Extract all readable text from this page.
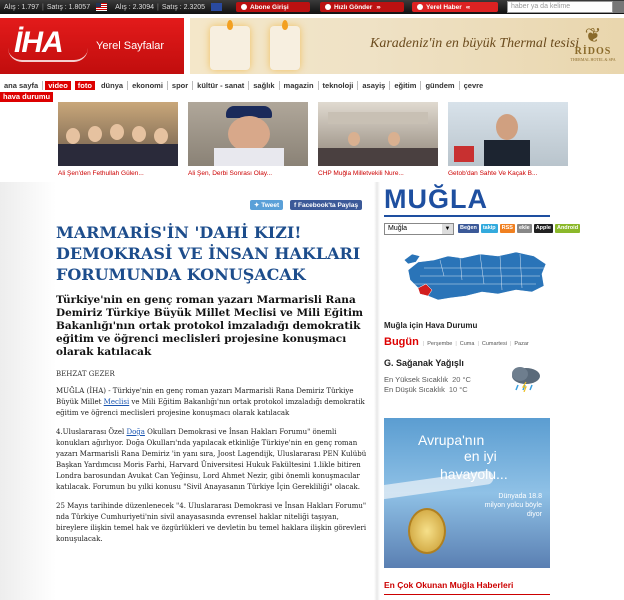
Alış : 1.797 | Satış : 1.8057	Alış : 2.3094 | Satış : 2.3205	Abone Girişi	Hızlı Gönder ›››	Yerel Haber ‹‹‹	haber ya da kelime
İHA	Yerel Sayfalar	Karadeniz'in en büyük Thermal tesisi ❦
RİDOS
THERMAL HOTEL & SPA
ana sayfa	video	foto	dünya	ekonomi	spor	kültür - sanat	sağlık	magazin	teknoloji	asayiş	eğitim	gündem	çevre
hava durumu
Ali Şen'den Fethullah Gülen...	Ali Şen, Derbi Sonrası Olay...	CHP Muğla Milletvekili Nure...	Getob'dan Sahte Ve Kaçak B...
✦
Tweet f
Facebook'ta Paylaş
MARMARİS'İN 'DAHİ KIZI! DEMOKRASİ VE İNSAN HAKLARI FORUMUNDA KONUŞACAK
Türkiye'nin en genç roman yazarı Marmarisli Rana Demiriz Türkiye Büyük Millet Meclisi ve Mili Eğitim Bakanlığı'nın ortak protokol imzaladığı demokratik eğitim ve öğrenci meclisleri projesine konuşmacı olarak katılacak
BEHZAT GEZER

MUĞLA (İHA) - Türkiye'nin en genç roman yazarı Marmarisli Rana Demiriz Türkiye Büyük Millet Meclisi ve Mili Eğitim Bakanlığı'nın ortak protokol imzaladığı demokratik eğitim ve öğrenci meclisleri projesine konuşmacı olarak katılacak

4.Uluslararası Özel Doğa Okulları Demokrasi ve İnsan Hakları Forumu" önemli konukları ağırlıyor. Doğa Okulları'nda yapılacak etkinliğe Türkiye'nin en genç roman yazarı Marmarisli Rana Demiriz 'in yanı sıra, Joost Lagendijk, Uluslararası PEN Kulübü Başkan Yardımcısı Moris Farhi, Harvard Üniversitesi Hukuk Fakültesini 1.likle bitiren Londra barosundan Avukat Can Yeğinsu, Lord Ahmet Nezir, gibi önemli konuşmacılar katılacak. Forumun bu yılki konusu "Sivil Anayasanın Türkiye İçin Gerekliliği" olacak.

25 Mayıs tarihinde düzenlenecek "4. Uluslararası Demokrasi ve İnsan Hakları Forumu" nda Türkiye Cumhuriyeti'nin sivil anayasasında evrensel haklar niteliği taşıyan, bireylere ilişkin temel hak ve özgürlükleri ve devletin bu temel haklara ilişkin görevleri konuşulacak.

MUĞLA
Muğla	▼	Beğen	takip	RSS	ekle	Apple	Android
Muğla için Hava Durumu
Bugün | Perşembe | Cuma | Cumartesi | Pazar
G. Sağanak Yağışlı
En Yüksek Sıcaklık 20 °C
En Düşük Sıcaklık 10 °C
Avrupa'nın
en iyi
havayolu...
Dünyada 18.8 milyon yolcu böyle diyor
En Çok Okunan Muğla Haberleri
